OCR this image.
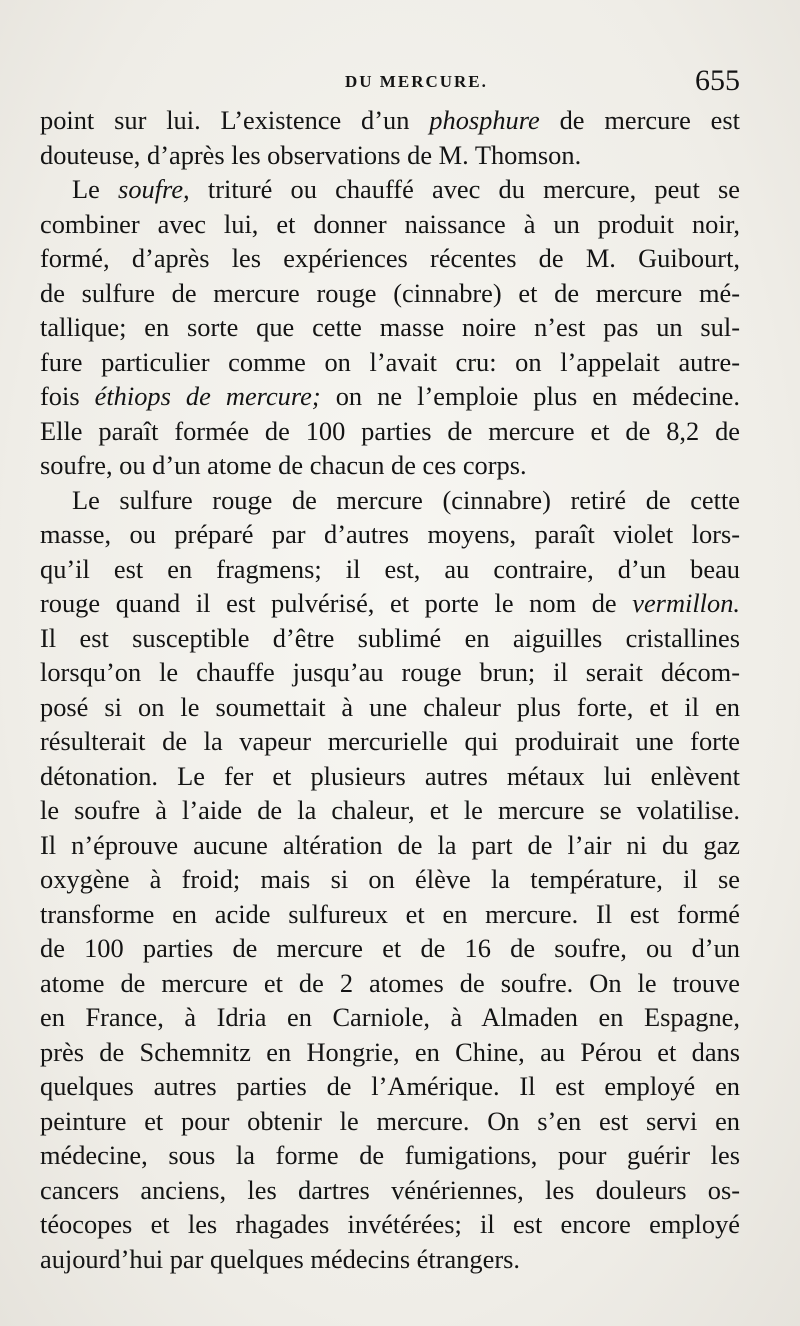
DU MERCURE.	655
point sur lui. L’existence d’un phosphure de mercure est
douteuse, d’après les observations de M. Thomson.
Le soufre, trituré ou chauffé avec du mercure, peut se
combiner avec lui, et donner naissance à un produit noir,
formé, d’après les expériences récentes de M. Guibourt,
de sulfure de mercure rouge (cinnabre) et de mercure mé-
tallique; en sorte que cette masse noire n’est pas un sul-
fure particulier comme on l’avait cru: on l’appelait autre-
fois éthiops de mercure; on ne l’emploie plus en médecine.
Elle paraît formée de 100 parties de mercure et de 8,2 de
soufre, ou d’un atome de chacun de ces corps.
Le sulfure rouge de mercure (cinnabre) retiré de cette
masse, ou préparé par d’autres moyens, paraît violet lors-
qu’il est en fragmens; il est, au contraire, d’un beau
rouge quand il est pulvérisé, et porte le nom de vermillon.
Il est susceptible d’être sublimé en aiguilles cristallines
lorsqu’on le chauffe jusqu’au rouge brun; il serait décom-
posé si on le soumettait à une chaleur plus forte, et il en
résulterait de la vapeur mercurielle qui produirait une forte
détonation. Le fer et plusieurs autres métaux lui enlèvent
le soufre à l’aide de la chaleur, et le mercure se volatilise.
Il n’éprouve aucune altération de la part de l’air ni du gaz
oxygène à froid; mais si on élève la température, il se
transforme en acide sulfureux et en mercure. Il est formé
de 100 parties de mercure et de 16 de soufre, ou d’un
atome de mercure et de 2 atomes de soufre. On le trouve
en France, à Idria en Carniole, à Almaden en Espagne,
près de Schemnitz en Hongrie, en Chine, au Pérou et dans
quelques autres parties de l’Amérique. Il est employé en
peinture et pour obtenir le mercure. On s’en est servi en
médecine, sous la forme de fumigations, pour guérir les
cancers anciens, les dartres vénériennes, les douleurs os-
téocopes et les rhagades invétérées; il est encore employé
aujourd’hui par quelques médecins étrangers.
